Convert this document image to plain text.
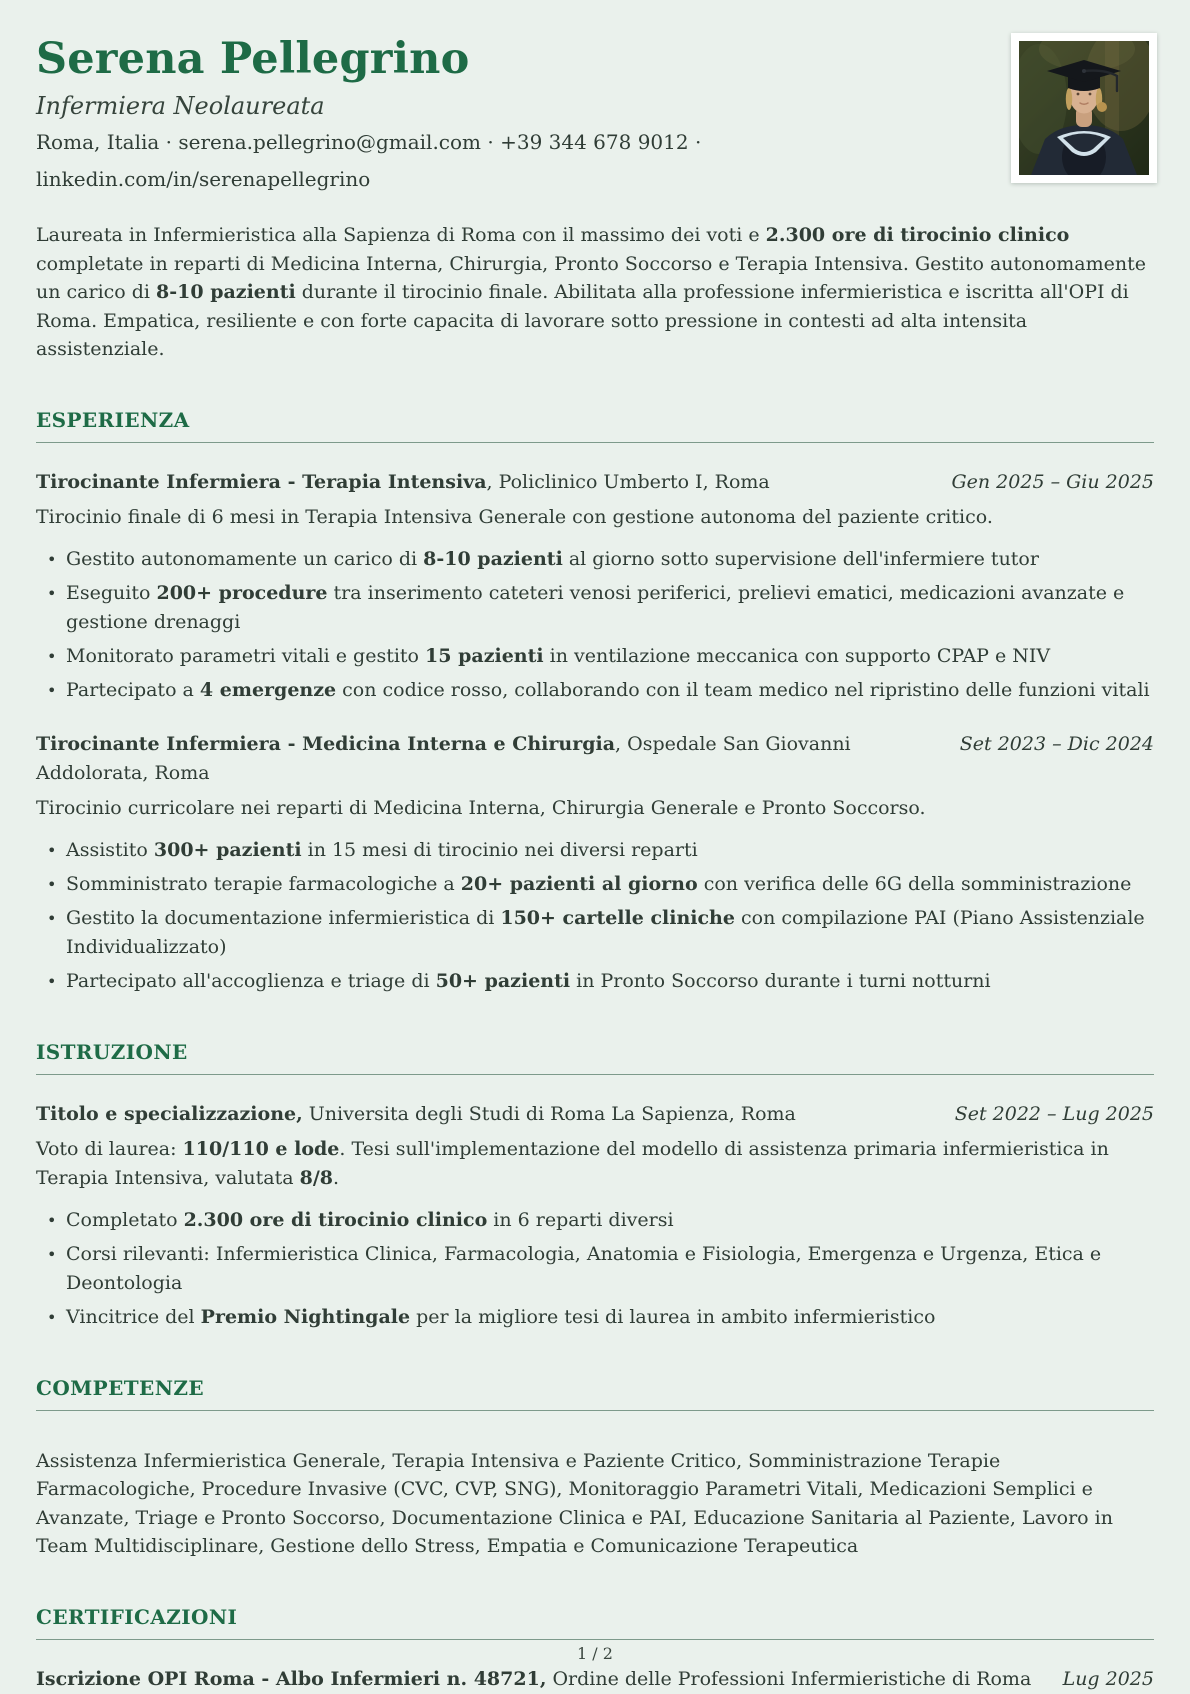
Serena Pellegrino
Infermiera Neolaureata
Roma, Italia · serena.pellegrino@gmail.com · +39 344 678 9012 ·
linkedin.com/in/serenapellegrino

Laureata in Infermieristica alla Sapienza di Roma con il massimo dei voti e 2.300 ore di tirocinio clinico completate in reparti di Medicina Interna, Chirurgia, Pronto Soccorso e Terapia Intensiva. Gestito autonomamente un carico di 8-10 pazienti durante il tirocinio finale. Abilitata alla professione infermieristica e iscritta all'OPI di Roma. Empatica, resiliente e con forte capacita di lavorare sotto pressione in contesti ad alta intensita assistenziale.

ESPERIENZA
Tirocinante Infermiera - Terapia Intensiva, Policlinico Umberto I, Roma	Gen 2025 – Giu 2025

Tirocinio finale di 6 mesi in Terapia Intensiva Generale con gestione autonoma del paziente critico.

• Gestito autonomamente un carico di 8-10 pazienti al giorno sotto supervisione dell'infermiere tutor
• Eseguito 200+ procedure tra inserimento cateteri venosi periferici, prelievi ematici, medicazioni avanzate e gestione drenaggi
• Monitorato parametri vitali e gestito 15 pazienti in ventilazione meccanica con supporto CPAP e NIV
• Partecipato a 4 emergenze con codice rosso, collaborando con il team medico nel ripristino delle funzioni vitali
Tirocinante Infermiera - Medicina Interna e Chirurgia, Ospedale San Giovanni Addolorata, Roma
Set 2023 – Dic 2024

Tirocinio curricolare nei reparti di Medicina Interna, Chirurgia Generale e Pronto Soccorso.

• Assistito 300+ pazienti in 15 mesi di tirocinio nei diversi reparti
• Somministrato terapie farmacologiche a 20+ pazienti al giorno con verifica delle 6G della somministrazione
• Gestito la documentazione infermieristica di 150+ cartelle cliniche con compilazione PAI (Piano Assistenziale Individualizzato)
• Partecipato all'accoglienza e triage di 50+ pazienti in Pronto Soccorso durante i turni notturni
ISTRUZIONE
Titolo e specializzazione, Universita degli Studi di Roma La Sapienza, Roma	Set 2022 – Lug 2025

Voto di laurea: 110/110 e lode. Tesi sull'implementazione del modello di assistenza primaria infermieristica in Terapia Intensiva, valutata 8/8.

• Completato 2.300 ore di tirocinio clinico in 6 reparti diversi
• Corsi rilevanti: Infermieristica Clinica, Farmacologia, Anatomia e Fisiologia, Emergenza e Urgenza, Etica e Deontologia
• Vincitrice del Premio Nightingale per la migliore tesi di laurea in ambito infermieristico
COMPETENZE

Assistenza Infermieristica Generale, Terapia Intensiva e Paziente Critico, Somministrazione Terapie Farmacologiche, Procedure Invasive (CVC, CVP, SNG), Monitoraggio Parametri Vitali, Medicazioni Semplici e Avanzate, Triage e Pronto Soccorso, Documentazione Clinica e PAI, Educazione Sanitaria al Paziente, Lavoro in Team Multidisciplinare, Gestione dello Stress, Empatia e Comunicazione Terapeutica

CERTIFICAZIONI
Iscrizione OPI Roma - Albo Infermieri n. 48721, Ordine delle Professioni Infermieristiche di Roma Lug 2025
1 / 2
